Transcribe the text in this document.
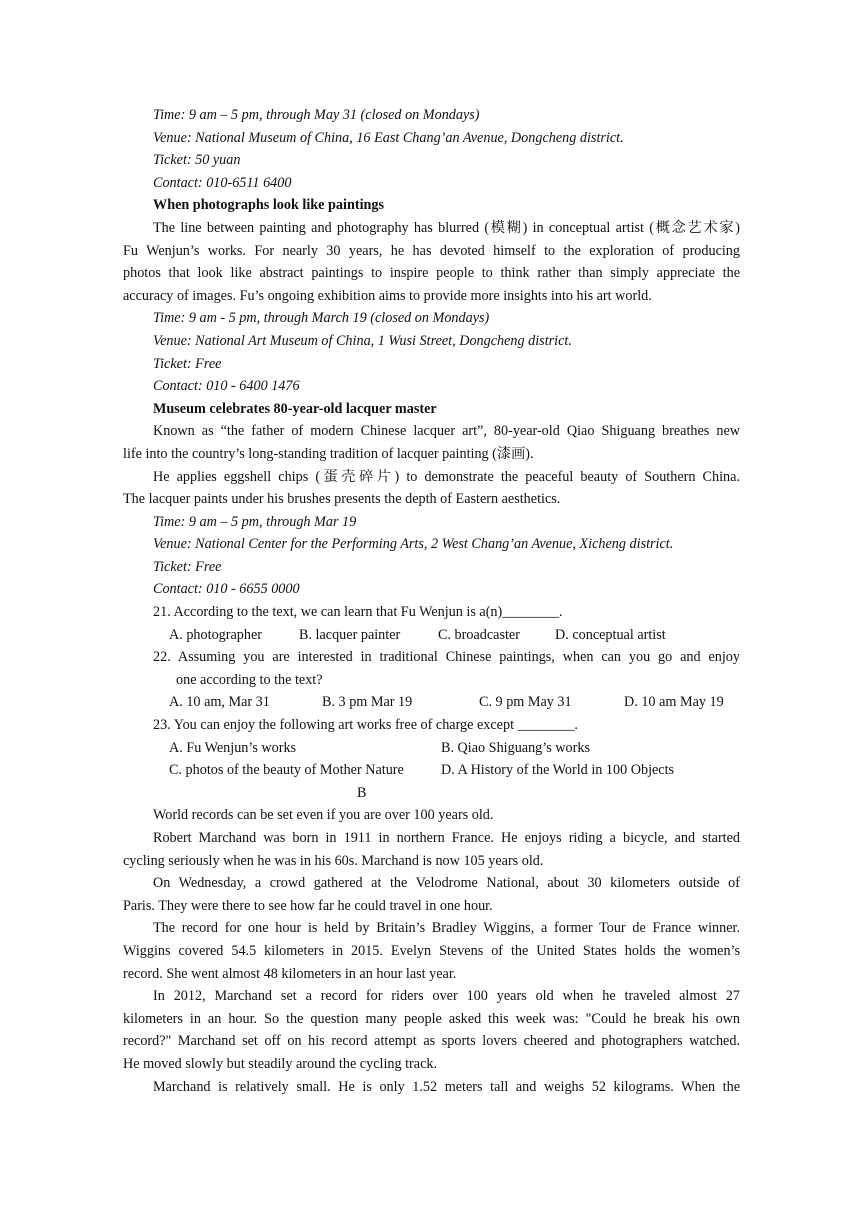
Time: 9 am – 5 pm, through May 31 (closed on Mondays)
Venue: National Museum of China, 16 East Chang’an Avenue, Dongcheng district.
Ticket: 50 yuan
Contact: 010-6511 6400
When photographs look like paintings
The line between painting and photography has blurred (模糊) in conceptual artist (概念艺术家)
Fu Wenjun’s works. For nearly 30 years, he has devoted himself to the exploration of producing
photos that look like abstract paintings to inspire people to think rather than simply appreciate the
accuracy of images. Fu’s ongoing exhibition aims to provide more insights into his art world.
Time: 9 am - 5 pm, through March 19 (closed on Mondays)
Venue: National Art Museum of China, 1 Wusi Street, Dongcheng district.
Ticket: Free
Contact: 010 - 6400 1476
Museum celebrates 80-year-old lacquer master
Known as “the father of modern Chinese lacquer art”, 80-year-old Qiao Shiguang breathes new
life into the country’s long-standing tradition of lacquer painting (漆画).
He applies eggshell chips (蛋壳碎片) to demonstrate the peaceful beauty of Southern China.
The lacquer paints under his brushes presents the depth of Eastern aesthetics.
Time: 9 am – 5 pm, through Mar 19
Venue: National Center for the Performing Arts, 2 West Chang’an Avenue, Xicheng district.
Ticket: Free
Contact: 010 - 6655 0000
21. According to the text, we can learn that Fu Wenjun is a(n)________.
A. photographer	B. lacquer painter	C. broadcaster	D. conceptual artist
22. Assuming you are interested in traditional Chinese paintings, when can you go and enjoy
one according to the text?
A. 10 am, Mar 31	B. 3 pm Mar 19	C. 9 pm May 31	D. 10 am May 19
23. You can enjoy the following art works free of charge except ________.
A. Fu Wenjun’s works	B. Qiao Shiguang’s works
C. photos of the beauty of Mother Nature	D. A History of the World in 100 Objects
B
World records can be set even if you are over 100 years old.
Robert Marchand was born in 1911 in northern France. He enjoys riding a bicycle, and started
cycling seriously when he was in his 60s. Marchand is now 105 years old.
On Wednesday, a crowd gathered at the Velodrome National, about 30 kilometers outside of
Paris. They were there to see how far he could travel in one hour.
The record for one hour is held by Britain’s Bradley Wiggins, a former Tour de France winner.
Wiggins covered 54.5 kilometers in 2015. Evelyn Stevens of the United States holds the women’s
record. She went almost 48 kilometers in an hour last year.
In 2012, Marchand set a record for riders over 100 years old when he traveled almost 27
kilometers in an hour. So the question many people asked this week was: "Could he break his own
record?" Marchand set off on his record attempt as sports lovers cheered and photographers watched.
He moved slowly but steadily around the cycling track.
Marchand is relatively small. He is only 1.52 meters tall and weighs 52 kilograms. When the
